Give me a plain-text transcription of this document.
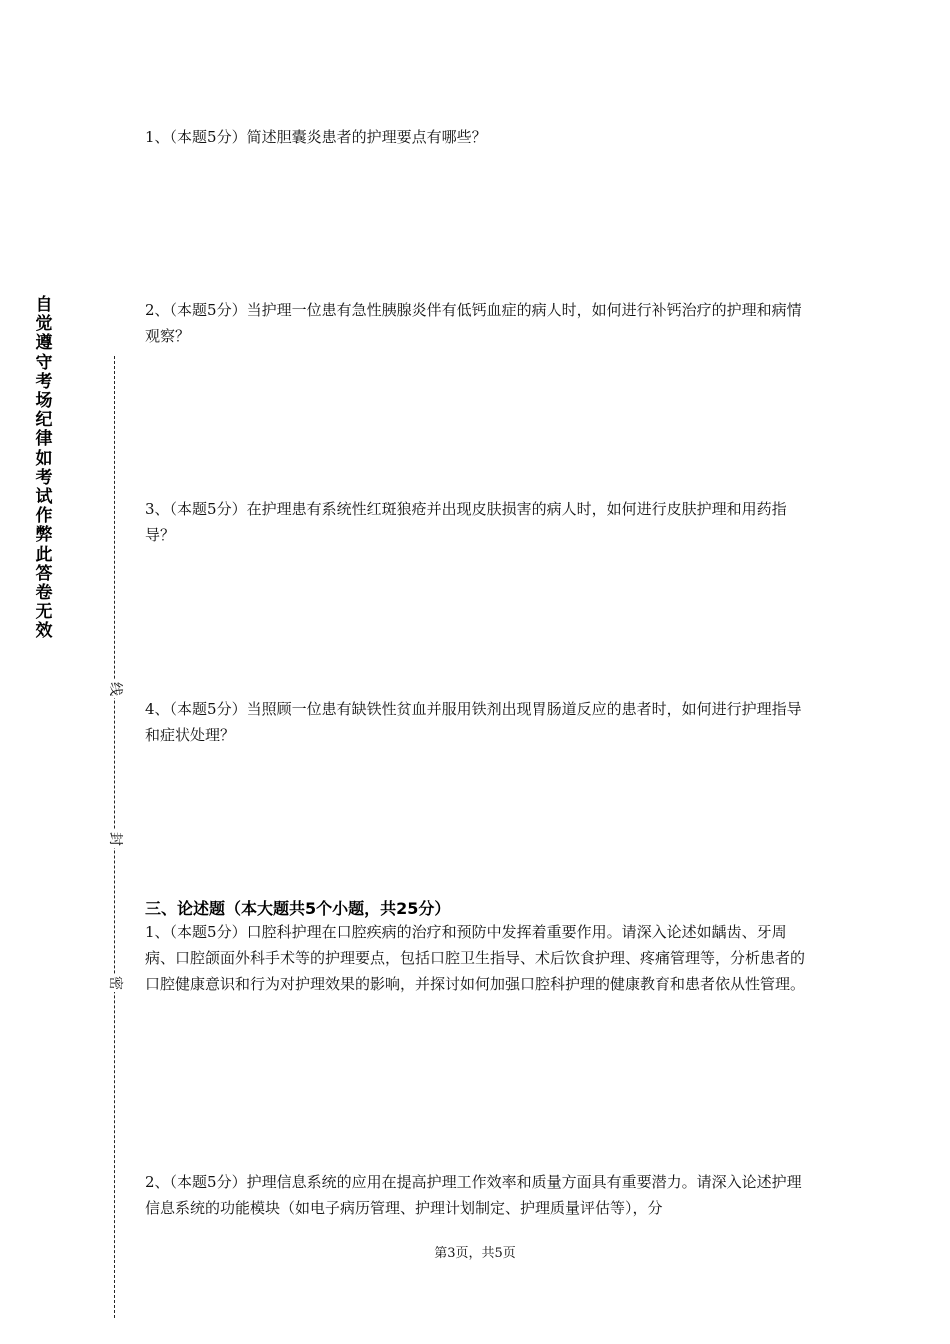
自觉遵守考场纪律如考试作弊此答卷无效
线
封
密
1、（本题5分）简述胆囊炎患者的护理要点有哪些？
2、（本题5分）当护理一位患有急性胰腺炎伴有低钙血症的病人时，如何进行补钙治疗的护理和病情观察？
3、（本题5分）在护理患有系统性红斑狼疮并出现皮肤损害的病人时，如何进行皮肤护理和用药指导？
4、（本题5分）当照顾一位患有缺铁性贫血并服用铁剂出现胃肠道反应的患者时，如何进行护理指导和症状处理？
三、论述题（本大题共5个小题，共25分）
1、（本题5分）口腔科护理在口腔疾病的治疗和预防中发挥着重要作用。请深入论述如龋齿、牙周病、口腔颌面外科手术等的护理要点，包括口腔卫生指导、术后饮食护理、疼痛管理等，分析患者的口腔健康意识和行为对护理效果的影响，并探讨如何加强口腔科护理的健康教育和患者依从性管理。
2、（本题5分）护理信息系统的应用在提高护理工作效率和质量方面具有重要潜力。请深入论述护理信息系统的功能模块（如电子病历管理、护理计划制定、护理质量评估等），分
第3页，共5页
